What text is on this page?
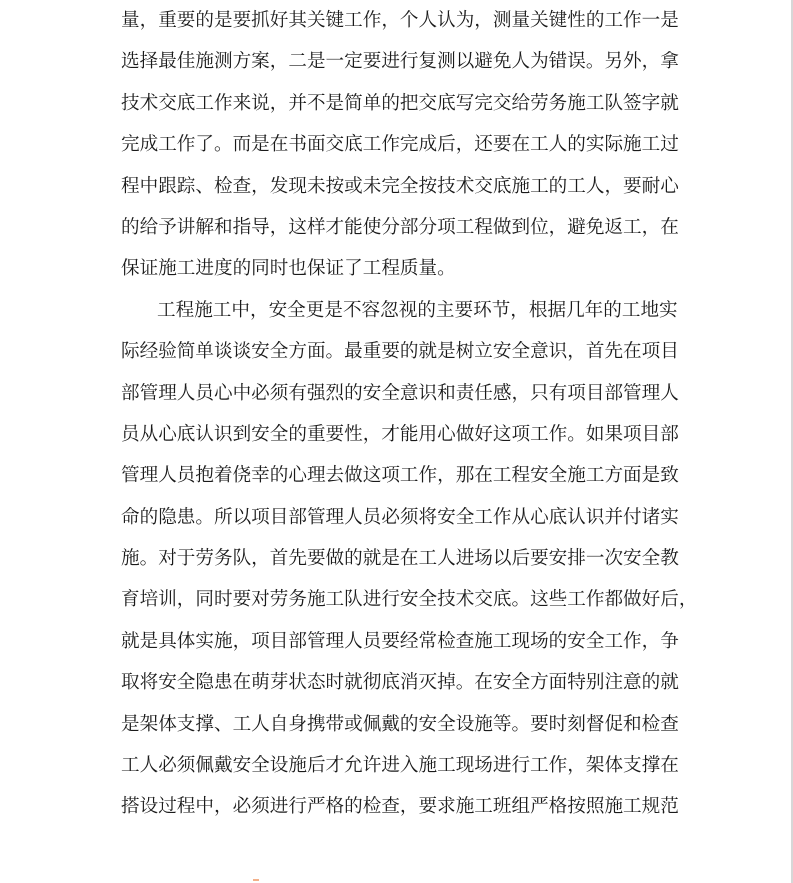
量，重要的是要抓好其关键工作，个人认为，测量关键性的工作一是
选择最佳施测方案，二是一定要进行复测以避免人为错误。另外，拿
技术交底工作来说，并不是简单的把交底写完交给劳务施工队签字就
完成工作了。而是在书面交底工作完成后，还要在工人的实际施工过
程中跟踪、检查，发现未按或未完全按技术交底施工的工人，要耐心
的给予讲解和指导，这样才能使分部分项工程做到位，避免返工，在
保证施工进度的同时也保证了工程质量。
工程施工中，安全更是不容忽视的主要环节，根据几年的工地实
际经验简单谈谈安全方面。最重要的就是树立安全意识，首先在项目
部管理人员心中必须有强烈的安全意识和责任感，只有项目部管理人
员从心底认识到安全的重要性，才能用心做好这项工作。如果项目部
管理人员抱着侥幸的心理去做这项工作，那在工程安全施工方面是致
命的隐患。所以项目部管理人员必须将安全工作从心底认识并付诸实
施。对于劳务队，首先要做的就是在工人进场以后要安排一次安全教
育培训，同时要对劳务施工队进行安全技术交底。这些工作都做好后，
就是具体实施，项目部管理人员要经常检查施工现场的安全工作，争
取将安全隐患在萌芽状态时就彻底消灭掉。在安全方面特别注意的就
是架体支撑、工人自身携带或佩戴的安全设施等。要时刻督促和检查
工人必须佩戴安全设施后才允许进入施工现场进行工作，架体支撑在
搭设过程中，必须进行严格的检查，要求施工班组严格按照施工规范
